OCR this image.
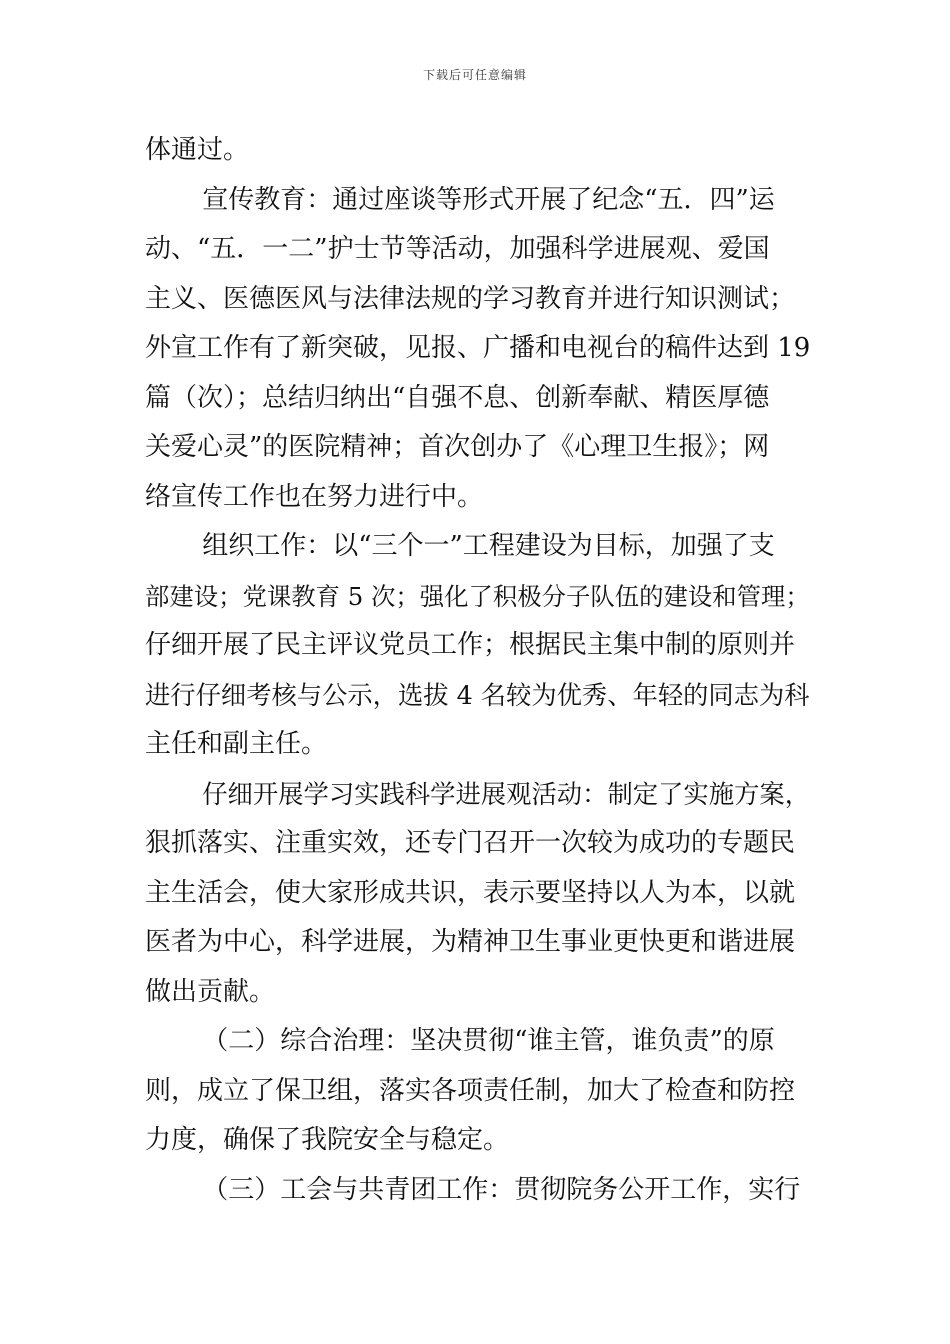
下载后可任意编辑
体通过。
宣传教育：通过座谈等形式开展了纪念“五．四”运
动、“五．一二”护士节等活动，加强科学进展观、爱国
主义、医德医风与法律法规的学习教育并进行知识测试；
外宣工作有了新突破，见报、广播和电视台的稿件达到 19
篇（次）；总结归纳出“自强不息、创新奉献、精医厚德
关爱心灵”的医院精神；首次创办了《心理卫生报》；网
络宣传工作也在努力进行中。
组织工作：以“三个一”工程建设为目标，加强了支
部建设；党课教育 5 次；强化了积极分子队伍的建设和管理；
仔细开展了民主评议党员工作；根据民主集中制的原则并
进行仔细考核与公示，选拔 4 名较为优秀、年轻的同志为科
主任和副主任。
仔细开展学习实践科学进展观活动：制定了实施方案，
狠抓落实、注重实效，还专门召开一次较为成功的专题民
主生活会，使大家形成共识，表示要坚持以人为本，以就
医者为中心，科学进展，为精神卫生事业更快更和谐进展
做出贡献。
（二）综合治理：坚决贯彻“谁主管，谁负责”的原
则，成立了保卫组，落实各项责任制，加大了检查和防控
力度，确保了我院安全与稳定。
（三）工会与共青团工作：贯彻院务公开工作，实行
